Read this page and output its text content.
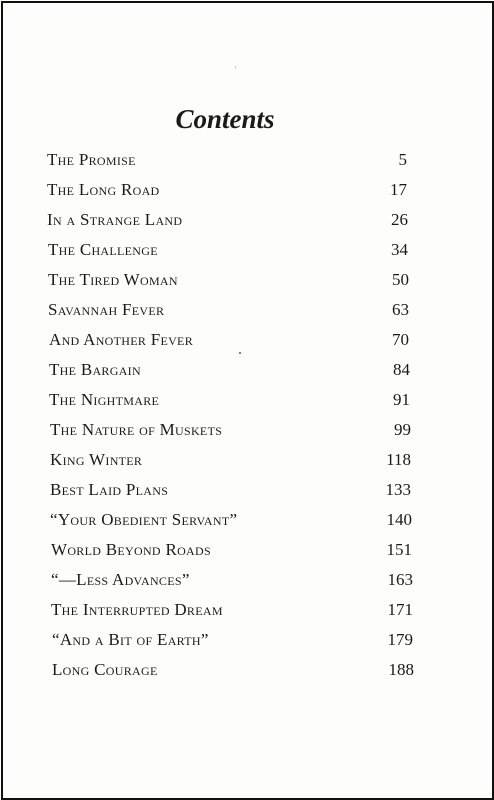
'
Contents
The Promise	5
The Long Road	17
In a Strange Land	26
The Challenge	34
The Tired Woman	50
Savannah Fever	63
And Another Fever	70
The Bargain	84
The Nightmare	91
The Nature of Muskets	99
King Winter	118
Best Laid Plans	133
“Your Obedient Servant”	140
World Beyond Roads	151
“—Less Advances”	163
The Interrupted Dream	171
“And a Bit of Earth”	179
Long Courage	188
